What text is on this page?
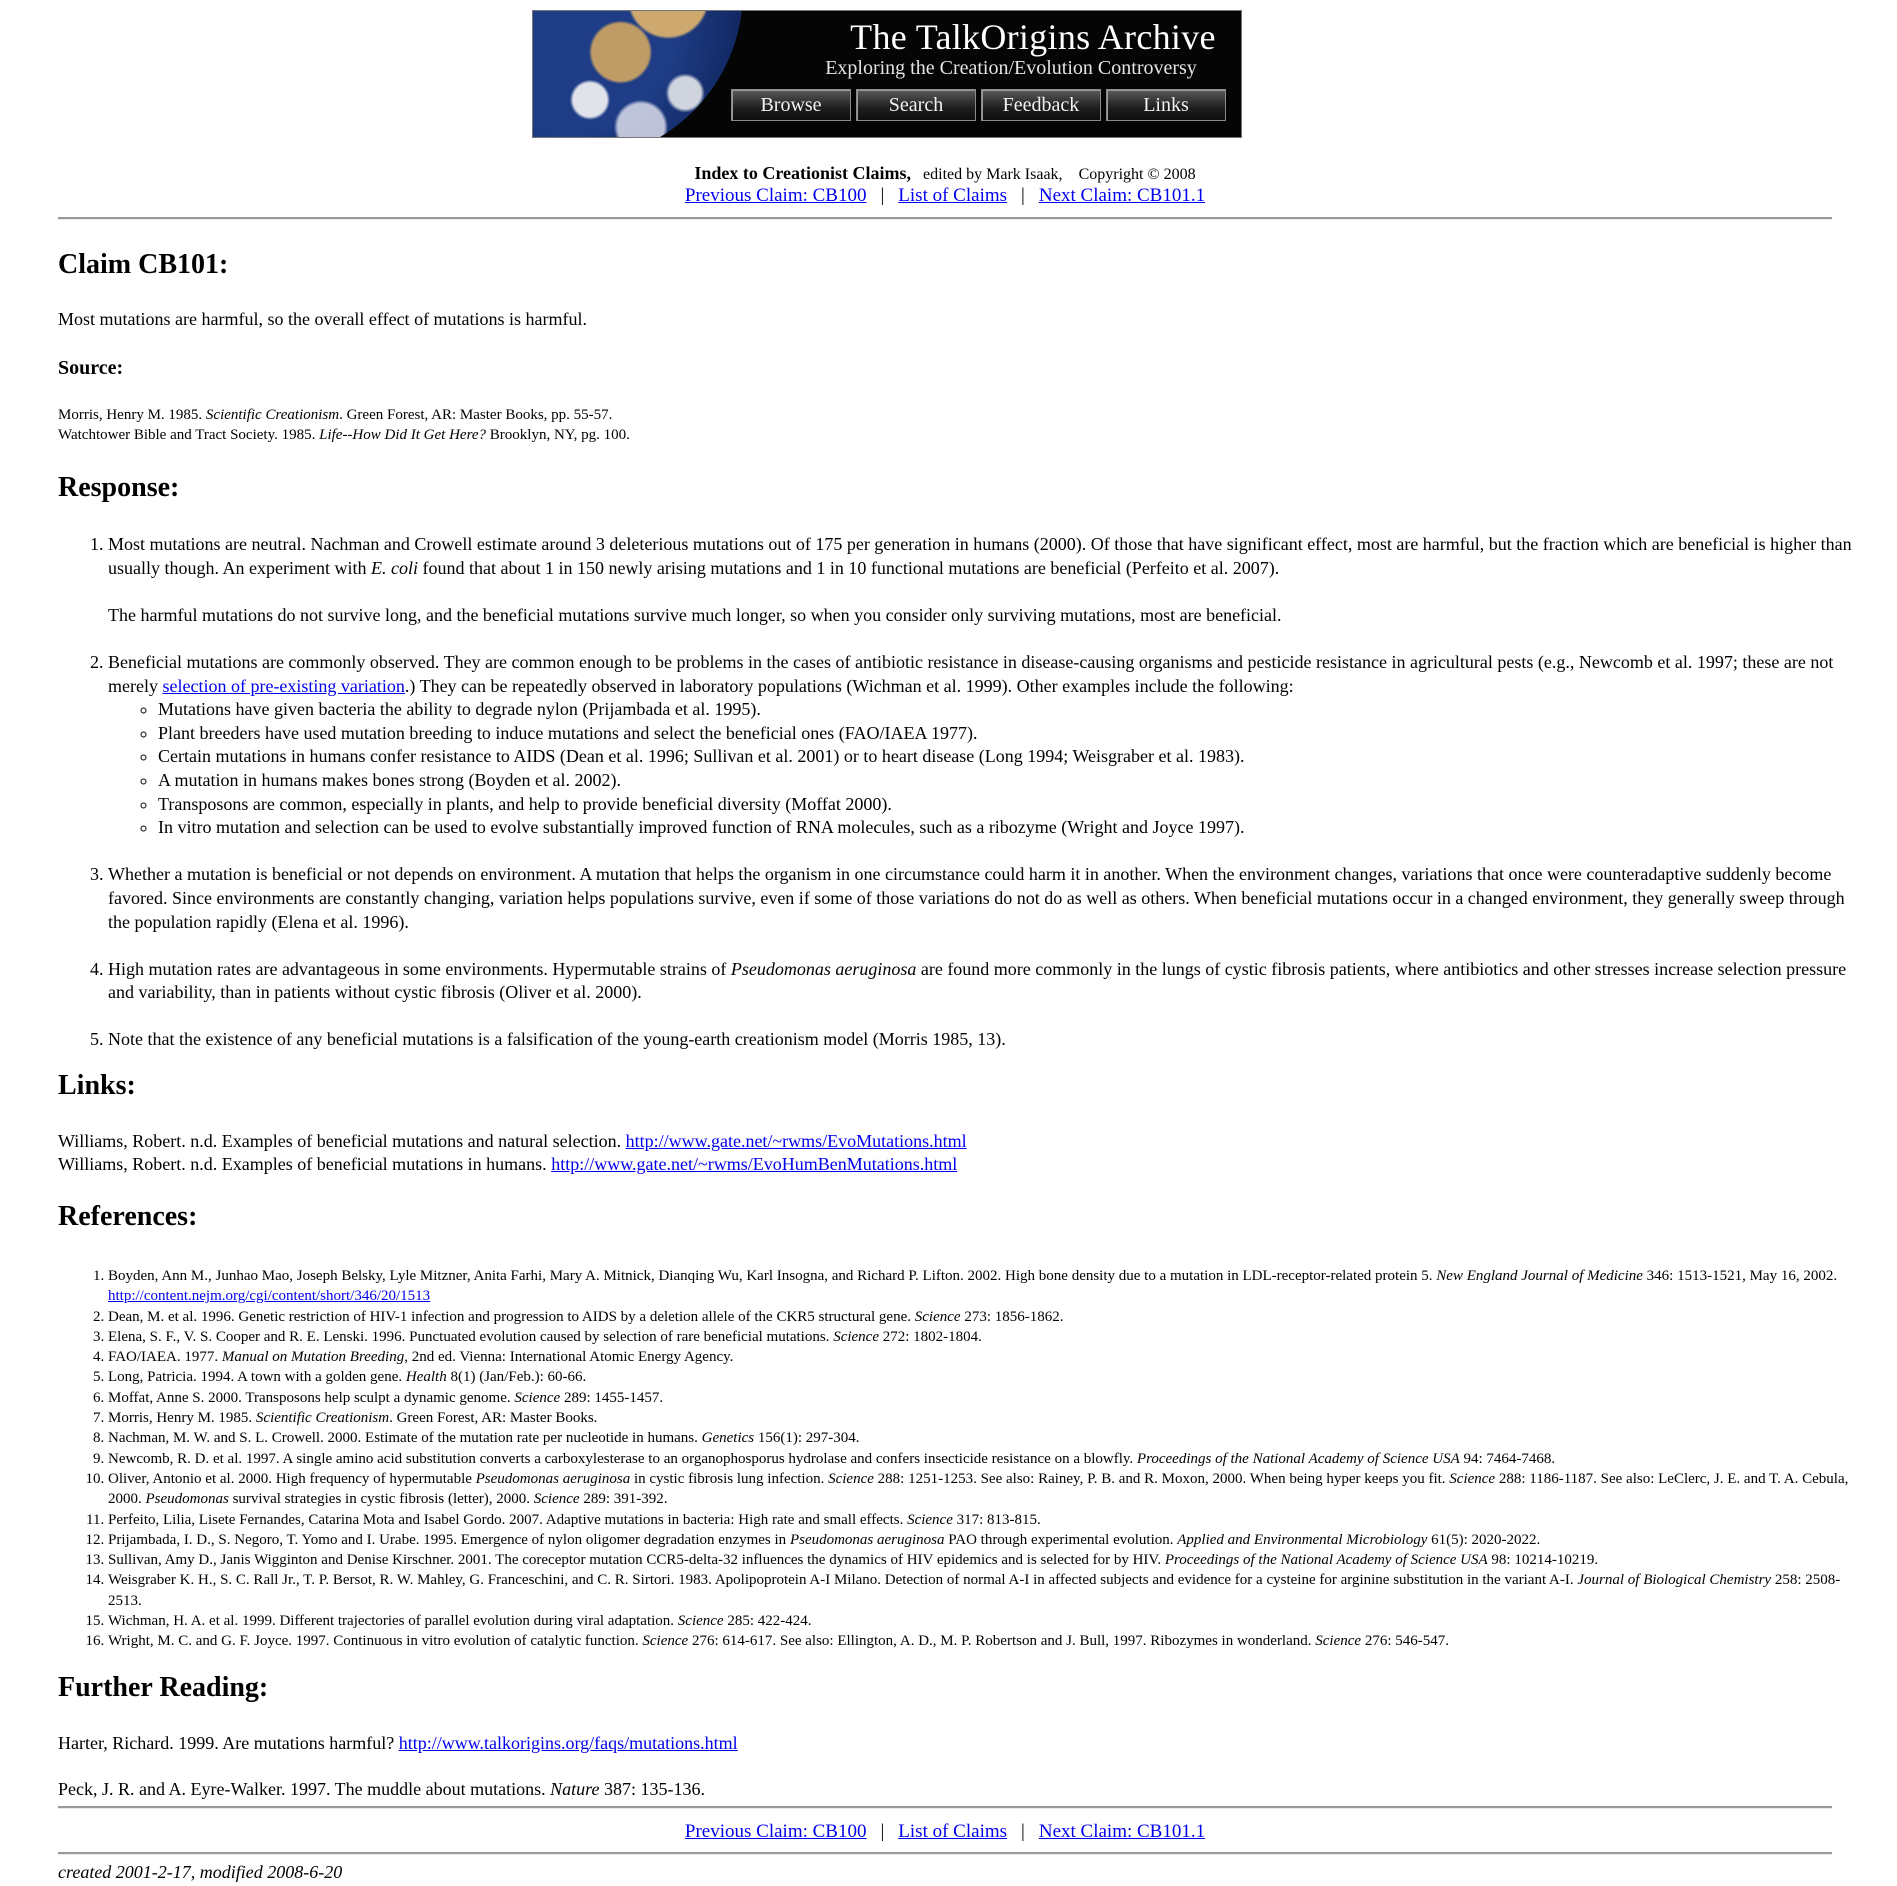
The TalkOrigins Archive
Exploring the Creation/Evolution Controversy
Browse	Search	Feedback	Links
Index to Creationist Claims, edited by Mark Isaak, Copyright © 2008
Previous Claim: CB100 | List of Claims | Next Claim: CB101.1
Claim CB101:
Most mutations are harmful, so the overall effect of mutations is harmful.
Source:
Morris, Henry M. 1985. Scientific Creationism. Green Forest, AR: Master Books, pp. 55-57.
Watchtower Bible and Tract Society. 1985. Life--How Did It Get Here? Brooklyn, NY, pg. 100.
Response:
1. Most mutations are neutral. Nachman and Crowell estimate around 3 deleterious mutations out of 175 per generation in humans (2000). Of those that have significant effect, most are harmful, but the fraction which are beneficial is higher than usually though. An experiment with E. coli found that about 1 in 150 newly arising mutations and 1 in 10 functional mutations are beneficial (Perfeito et al. 2007).

The harmful mutations do not survive long, and the beneficial mutations survive much longer, so when you consider only surviving mutations, most are beneficial.

2. Beneficial mutations are commonly observed. They are common enough to be problems in the cases of antibiotic resistance in disease-causing organisms and pesticide resistance in agricultural pests (e.g., Newcomb et al. 1997; these are not merely selection of pre-existing variation.) They can be repeatedly observed in laboratory populations (Wichman et al. 1999). Other examples include the following:
◦ Mutations have given bacteria the ability to degrade nylon (Prijambada et al. 1995).
◦ Plant breeders have used mutation breeding to induce mutations and select the beneficial ones (FAO/IAEA 1977).
◦ Certain mutations in humans confer resistance to AIDS (Dean et al. 1996; Sullivan et al. 2001) or to heart disease (Long 1994; Weisgraber et al. 1983).
◦ A mutation in humans makes bones strong (Boyden et al. 2002).
◦ Transposons are common, especially in plants, and help to provide beneficial diversity (Moffat 2000).
◦ In vitro mutation and selection can be used to evolve substantially improved function of RNA molecules, such as a ribozyme (Wright and Joyce 1997).
3. Whether a mutation is beneficial or not depends on environment. A mutation that helps the organism in one circumstance could harm it in another. When the environment changes, variations that once were counteradaptive suddenly become favored. Since environments are constantly changing, variation helps populations survive, even if some of those variations do not do as well as others. When beneficial mutations occur in a changed environment, they generally sweep through the population rapidly (Elena et al. 1996).
4. High mutation rates are advantageous in some environments. Hypermutable strains of Pseudomonas aeruginosa are found more commonly in the lungs of cystic fibrosis patients, where antibiotics and other stresses increase selection pressure and variability, than in patients without cystic fibrosis (Oliver et al. 2000).
5. Note that the existence of any beneficial mutations is a falsification of the young-earth creationism model (Morris 1985, 13).
Links:
Williams, Robert. n.d. Examples of beneficial mutations and natural selection. http://www.gate.net/~rwms/EvoMutations.html
Williams, Robert. n.d. Examples of beneficial mutations in humans. http://www.gate.net/~rwms/EvoHumBenMutations.html
References:
1. Boyden, Ann M., Junhao Mao, Joseph Belsky, Lyle Mitzner, Anita Farhi, Mary A. Mitnick, Dianqing Wu, Karl Insogna, and Richard P. Lifton. 2002. High bone density due to a mutation in LDL-receptor-related protein 5. New England Journal of Medicine 346: 1513-1521, May 16, 2002. http://content.nejm.org/cgi/content/short/346/20/1513
2. Dean, M. et al. 1996. Genetic restriction of HIV-1 infection and progression to AIDS by a deletion allele of the CKR5 structural gene. Science 273: 1856-1862.
3. Elena, S. F., V. S. Cooper and R. E. Lenski. 1996. Punctuated evolution caused by selection of rare beneficial mutations. Science 272: 1802-1804.
4. FAO/IAEA. 1977. Manual on Mutation Breeding, 2nd ed. Vienna: International Atomic Energy Agency.
5. Long, Patricia. 1994. A town with a golden gene. Health 8(1) (Jan/Feb.): 60-66.
6. Moffat, Anne S. 2000. Transposons help sculpt a dynamic genome. Science 289: 1455-1457.
7. Morris, Henry M. 1985. Scientific Creationism. Green Forest, AR: Master Books.
8. Nachman, M. W. and S. L. Crowell. 2000. Estimate of the mutation rate per nucleotide in humans. Genetics 156(1): 297-304.
9. Newcomb, R. D. et al. 1997. A single amino acid substitution converts a carboxylesterase to an organophosporus hydrolase and confers insecticide resistance on a blowfly. Proceedings of the National Academy of Science USA 94: 7464-7468.
10. Oliver, Antonio et al. 2000. High frequency of hypermutable Pseudomonas aeruginosa in cystic fibrosis lung infection. Science 288: 1251-1253. See also: Rainey, P. B. and R. Moxon, 2000. When being hyper keeps you fit. Science 288: 1186-1187. See also: LeClerc, J. E. and T. A. Cebula, 2000. Pseudomonas survival strategies in cystic fibrosis (letter), 2000. Science 289: 391-392.
11. Perfeito, Lilia, Lisete Fernandes, Catarina Mota and Isabel Gordo. 2007. Adaptive mutations in bacteria: High rate and small effects. Science 317: 813-815.
12. Prijambada, I. D., S. Negoro, T. Yomo and I. Urabe. 1995. Emergence of nylon oligomer degradation enzymes in Pseudomonas aeruginosa PAO through experimental evolution. Applied and Environmental Microbiology 61(5): 2020-2022.
13. Sullivan, Amy D., Janis Wigginton and Denise Kirschner. 2001. The coreceptor mutation CCR5-delta-32 influences the dynamics of HIV epidemics and is selected for by HIV. Proceedings of the National Academy of Science USA 98: 10214-10219.
14. Weisgraber K. H., S. C. Rall Jr., T. P. Bersot, R. W. Mahley, G. Franceschini, and C. R. Sirtori. 1983. Apolipoprotein A-I Milano. Detection of normal A-I in affected subjects and evidence for a cysteine for arginine substitution in the variant A-I. Journal of Biological Chemistry 258: 2508-2513.
15. Wichman, H. A. et al. 1999. Different trajectories of parallel evolution during viral adaptation. Science 285: 422-424.
16. Wright, M. C. and G. F. Joyce. 1997. Continuous in vitro evolution of catalytic function. Science 276: 614-617. See also: Ellington, A. D., M. P. Robertson and J. Bull, 1997. Ribozymes in wonderland. Science 276: 546-547.
Further Reading:
Harter, Richard. 1999. Are mutations harmful? http://www.talkorigins.org/faqs/mutations.html
Peck, J. R. and A. Eyre-Walker. 1997. The muddle about mutations. Nature 387: 135-136.
Previous Claim: CB100 | List of Claims | Next Claim: CB101.1
created 2001-2-17, modified 2008-6-20
